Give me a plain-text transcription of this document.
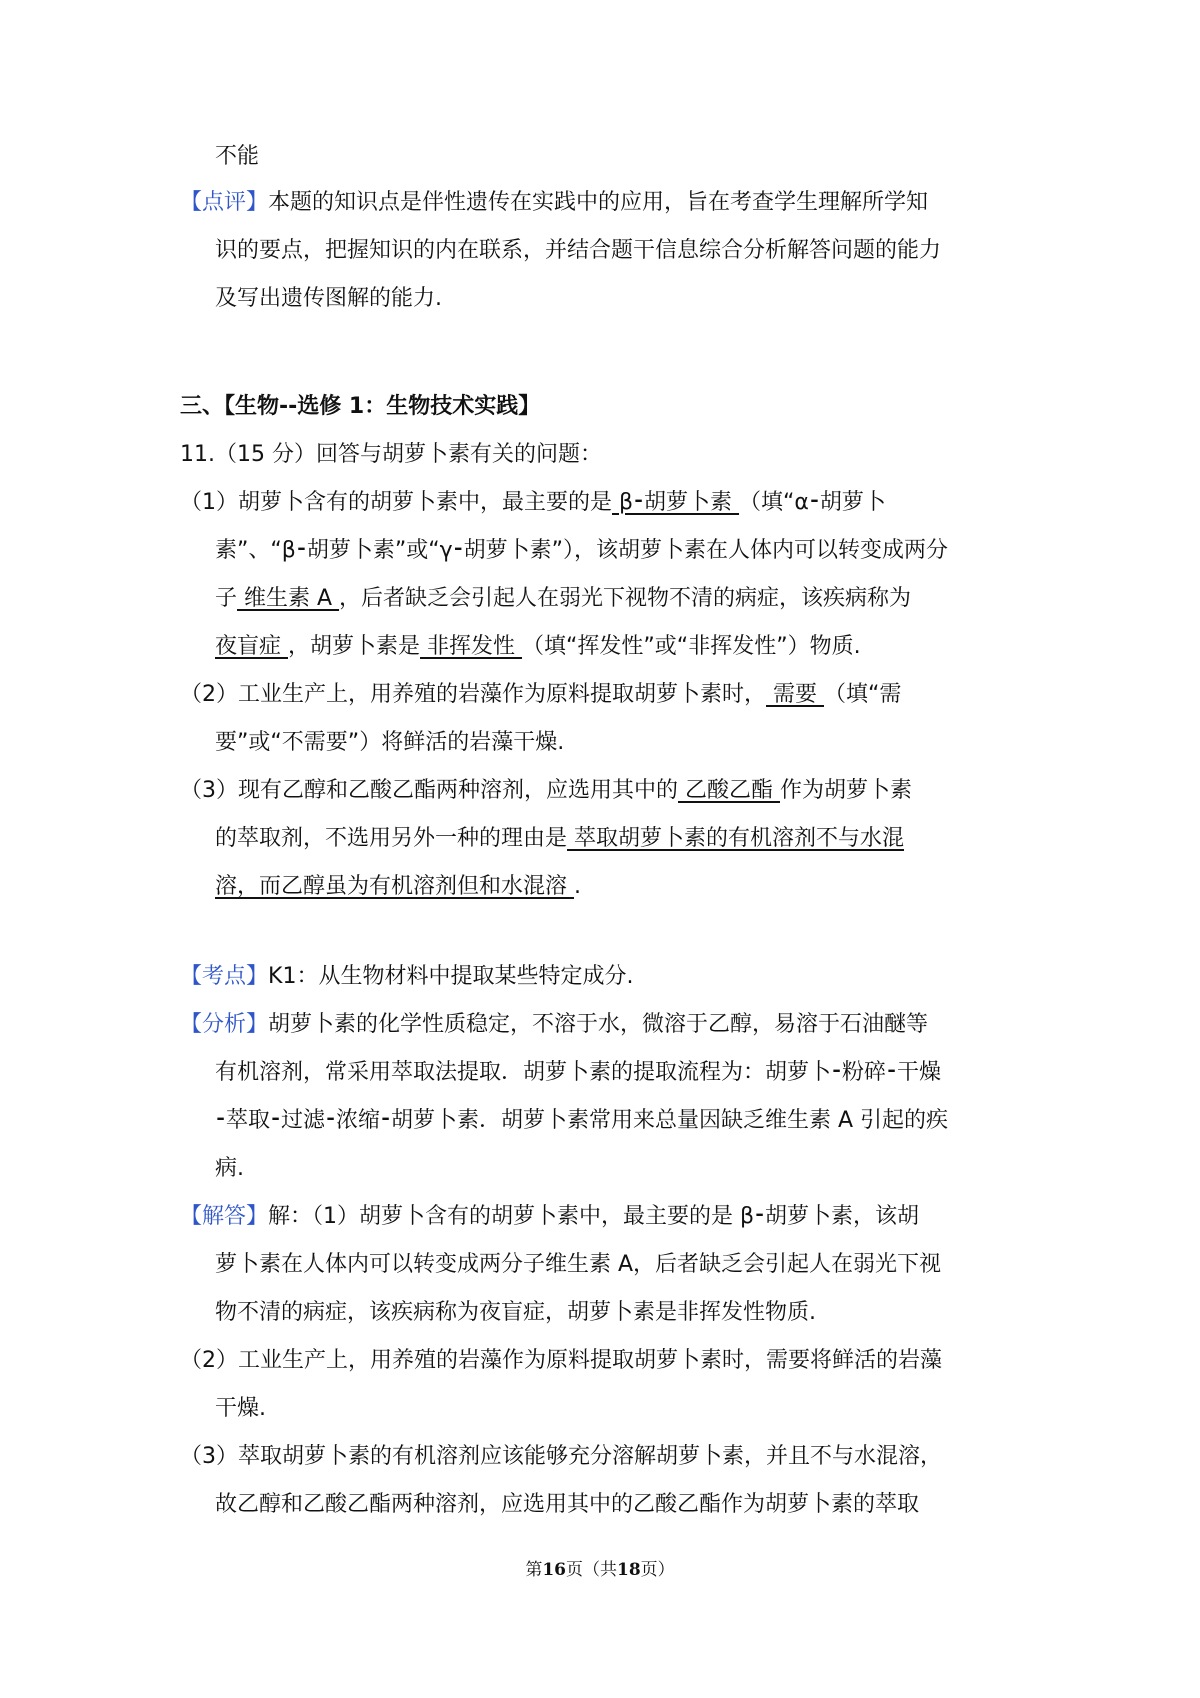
不能
【点评】本题的知识点是伴性遗传在实践中的应用，旨在考查学生理解所学知
识的要点，把握知识的内在联系，并结合题干信息综合分析解答问题的能力
及写出遗传图解的能力.
三、【生物--选修 1：生物技术实践】
11.（15 分）回答与胡萝卜素有关的问题：
（1）胡萝卜含有的胡萝卜素中，最主要的是 β⁃胡萝卜素 （填“α⁃胡萝卜
素”、“β⁃胡萝卜素”或“γ⁃胡萝卜素”），该胡萝卜素在人体内可以转变成两分
子 维生素 A ，后者缺乏会引起人在弱光下视物不清的病症，该疾病称为
夜盲症 ，胡萝卜素是 非挥发性 （填“挥发性”或“非挥发性”）物质.
（2）工业生产上，用养殖的岩藻作为原料提取胡萝卜素时， 需要 （填“需
要”或“不需要”）将鲜活的岩藻干燥.
（3）现有乙醇和乙酸乙酯两种溶剂，应选用其中的 乙酸乙酯 作为胡萝卜素
的萃取剂，不选用另外一种的理由是 萃取胡萝卜素的有机溶剂不与水混
溶，而乙醇虽为有机溶剂但和水混溶 .
【考点】K1：从生物材料中提取某些特定成分.
【分析】胡萝卜素的化学性质稳定，不溶于水，微溶于乙醇，易溶于石油醚等
有机溶剂，常采用萃取法提取．胡萝卜素的提取流程为：胡萝卜⁃粉碎⁃干燥
⁃萃取⁃过滤⁃浓缩⁃胡萝卜素．胡萝卜素常用来总量因缺乏维生素 A 引起的疾
病.
【解答】解：（1）胡萝卜含有的胡萝卜素中，最主要的是 β⁃胡萝卜素，该胡
萝卜素在人体内可以转变成两分子维生素 A，后者缺乏会引起人在弱光下视
物不清的病症，该疾病称为夜盲症，胡萝卜素是非挥发性物质.
（2）工业生产上，用养殖的岩藻作为原料提取胡萝卜素时，需要将鲜活的岩藻
干燥.
（3）萃取胡萝卜素的有机溶剂应该能够充分溶解胡萝卜素，并且不与水混溶，
故乙醇和乙酸乙酯两种溶剂，应选用其中的乙酸乙酯作为胡萝卜素的萃取
第16页（共18页）
